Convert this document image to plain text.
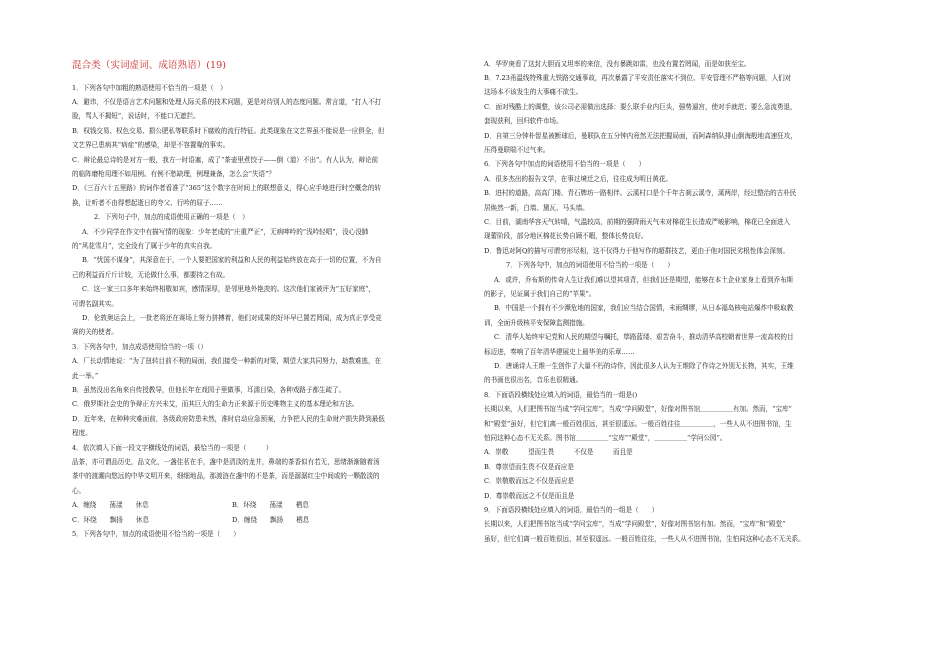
混合类（实词虚词、成语熟语）(19)
1．下列各句中加粗的熟语使用不恰当的一项是（　）
A．避讳，不仅是语言艺术问题和处理人际关系的技术问题，更是对待别人的态度问题。常言道，“打人不打
脸，骂人不揭短”，说话时，不能口无遮拦。
B．权钱交易、权色交易、损公肥私等联系时下腐败的流行特征。此类现象在文艺界虽不能说是一应俱全，但
文艺界已患病其“病症”的感染，却是不容置喙的事实。
C．辩论最总诗的是对方一般，我方一时语塞，成了“茶壶里煮饺子——倒（道）不出”。有人认为，辩论前
的临阵磨枪用理不如用例。有例不愁缺理，例理兼备，怎么会“失语”？
D．《三百六十五里路》的词作者看准了“365”这个数字在时间上的联想意义，得心应手地进行时空概念的转
换，让听者不由得想起逝日的夸父、行吟的屈子……
2．下列句子中，加点的成语使用正确的一项是（　）
A．不少同学在作文中有描写情的现象：少年老成的“庄重严正”，无病呻吟的“浅吟轻唱”，没心没肺
的“风花雪月”，完全没有了属于少年的真实自我。
B．“忧国不谋身”，其深意在于，一个人要把国家的利益和人民的利益始终放在高于一切的位置，不为自
己的利益而斤斤计较，无论做什么事，都要持之有故。
C．这一家三口多年来始终相敬如宾，感情深厚，是邻里地外艳羡的。这次他们家被评为“五好家庭”，
可谓名副其实。
D．伦敦奥运会上，一批老将还在赛场上努力拼搏着，他们对成果的好坏早已置若罔闻，成为真正享受竞
赛的关的使者。
3．下列各句中，加点成语使用恰当的一项（）
A．厂长动情地说：“为了扭转目前不利的局面，我们接受一种新的对策，期望大家共同努力，劫数难逃，在
此一举。”
B．虽然没出名角来自传授教导，但他长年在戏园子里做事，耳濡目染，各种戏路子都生疏了。
C．俄罗斯社会史的争辩正方兴未艾，而其巨大的生命力正来源于历史唯物主义的基本理论和方法。
D．近年来，在种种灾难面前，各级政府防患未然，准时启动应急预案，力争把人民的生命财产损失降到最低
程度。
4．依次填入下面一段文字横线处的词语，最恰当的一项是（　　　）
品茶，亦可谓品历史，品文化，一盏佳茗在手，盏中是清淡的龙井，鼻端的茶香似有若无，思绪渐渐随着汤
茶中的渡潮向悠远的中华文明开来，细细地品，那渡涟在盏中的不是茶，而是潺潺红尘中间或的一颗散淡的
心。
A．缠绕　　荡漾　　休息	B．环绕　　荡漾　　栖息
C．环绕　　飘扬　　休息	D．缠绕　　飘扬　　栖息
5．下列各句中，加点的成语使用不恰当的一项是（　　）
A．华罗庚看了这封大胆而又坦率的来信，没有暴跳如雷，也没有置若罔闻，而是如获至宝。
B．7.23甬温线特殊重大铁路交通事故，再次暴露了平安责任落实不到位、平安管理不严格等问题，人们对
这场本不该发生的大事痛不欲生。
C．面对残酷上的调整，该公司必需做出选择：要么联手业内巨头，强势逼宫，使对手就范；要么急流勇退，
套现获利，回归软件市场。
D．自第三分钟朴智星被断球后，曼联队在五分钟内竟然无法把握局面，而阿森纳队排山倒海般地高速狂攻，
压得曼联喘不过气来。
6．下列各句中加点的词语使用不恰当的一项是（　　）
A．很多杰出的报告文学，在事过境迁之后，往往成为明日黄花。
B．进村的道路，高高门楼、青石牌坊一路相伴。云溪村口是个千年古刹云溪寺，溪两岸，经过整治的古朴民
居焕然一新，白墙、黛瓦、马头墙。
C．目前，湖南华容天气转晴，气温较高，前期的强降雨天气未对棉花生长造成严峻影响，棉花已全面进入
现蕾阶段，部分地区棉花长势自顾不暇，整体长势良好。
D．鲁迅对阿Q的描写可谓穷形尽相，这不仅得力于他写作的超群技艺，更由于他对国民劣根性体会深刻。
7．下列各句中，加点的词语使用不恰当的一项是（　　）
A．或许，乔布斯的传奇人生让我们难以望其项背，但我们还是期望，能够在本土企业家身上看到乔布斯
的影子，见证属于我们自己的“苹果”。
B．中国是一个拥有不少濒危地的国家，我们应当结合国情，未雨绸缪，从日本福岛核电站爆炸中吸取教
训，全面升级核平安保障监测措施。
C．清华人始终牢记党和人民的期望与嘱托，筚路蓝缕、艰苦奋斗，推动清华高校朝着世界一流高校的目
标迈进，奏响了百年清华建展史上最华美的乐章……
D．唐诵诗人王维一生创作了大量不朽的诗作，因此很多人认为王维除了作诗之外别无长物，其实，王维
的书画也很出名，音乐也很精通。
8．下面语段横线处应填入的词语，最恰当的一组是()
长期以来，人们把图书馆当成“学问宝库”，当成“学问殿堂”，好像对图书馆＿＿＿＿＿有加。然而，“宝库”
和“殿堂”虽好，但它们离一般百姓很远，甚至很遥远。一般百姓往往＿＿＿＿＿，一些人从不进图书馆，生
怕同这种心态不无关系。图书馆＿＿＿＿＿“宝库”“殿堂”，＿＿＿＿＿“学问公园”。
A．崇敬　　　望而生畏　　　不仅是　　　而且是
B．尊崇望而生畏不仅是而应是
C．崇敬敬而远之不仅是而应是
D．尊崇敬而远之不仅是而且是
9．下面语段横线处应填入的词语，最恰当的一组是（　　）
长期以来，人们把图书馆当成“学问宝库”，当成“学问殿堂”，好像对图书馆有加。然而，“宝库”和“殿堂”
虽好，但它们离一般百姓很远，甚至很遥远。一般百姓往往，一些人从不进图书馆，生怕同这种心态不无关系。
